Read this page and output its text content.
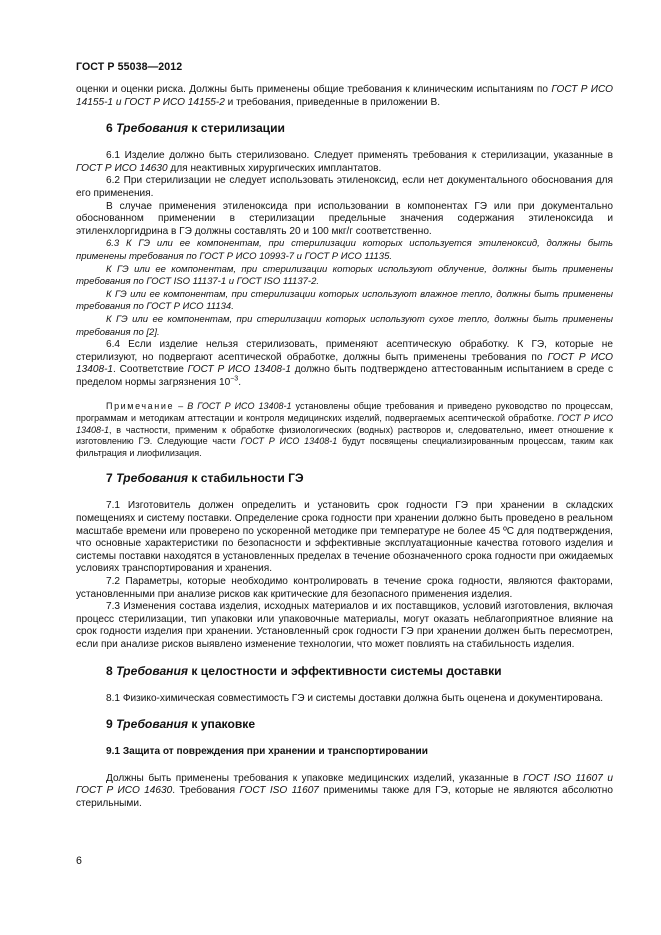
ГОСТ Р 55038—2012

оценки и оценки риска. Должны быть применены общие требования к клиническим испытаниям по ГОСТ Р ИСО 14155-1 и ГОСТ Р ИСО 14155-2 и требования, приведенные в приложении В.

6 Требования к стерилизации

6.1 Изделие должно быть стерилизовано. Следует применять требования к стерилизации, указанные в ГОСТ Р ИСО 14630 для неактивных хирургических имплантатов.

6.2 При стерилизации не следует использовать этиленоксид, если нет документального обоснования для его применения.

В случае применения этиленоксида при использовании в компонентах ГЭ или при документально обоснованном применении в стерилизации предельные значения содержания этиленоксида и этиленхлоргидрина в ГЭ должны составлять 20 и 100 мкг/г соответственно.

6.3 К ГЭ или ее компонентам, при стерилизации которых используется этиленоксид, должны быть применены требования по ГОСТ Р ИСО 10993-7 и ГОСТ Р ИСО 11135.

К ГЭ или ее компонентам, при стерилизации которых используют облучение, должны быть применены требования по ГОСТ ISO 11137-1 и ГОСТ ISO 11137-2.

К ГЭ или ее компонентам, при стерилизации которых используют влажное тепло, должны быть применены требования по ГОСТ Р ИСО 11134.

К ГЭ или ее компонентам, при стерилизации которых используют сухое тепло, должны быть применены требования по [2].

6.4 Если изделие нельзя стерилизовать, применяют асептическую обработку. К ГЭ, которые не стерилизуют, но подвергают асептической обработке, должны быть применены требования по ГОСТ Р ИСО 13408-1. Соответствие ГОСТ Р ИСО 13408-1 должно быть подтверждено аттестованным испытанием в среде с пределом нормы загрязнения $10^{-3}$.

Примечание – В ГОСТ Р ИСО 13408-1 установлены общие требования и приведено руководство по процессам, программам и методикам аттестации и контроля медицинских изделий, подвергаемых асептической обработке. ГОСТ Р ИСО 13408-1, в частности, применим к обработке физиологических (водных) растворов и, следовательно, имеет отношение к изготовлению ГЭ. Следующие части ГОСТ Р ИСО 13408-1 будут посвящены специализированным процессам, таким как фильтрация и лиофилизация.

7 Требования к стабильности ГЭ

7.1 Изготовитель должен определить и установить срок годности ГЭ при хранении в складских помещениях и систему поставки. Определение срока годности при хранении должно быть проведено в реальном масштабе времени или проверено по ускоренной методике при температуре не более 45 ºС для подтверждения, что основные характеристики по безопасности и эффективные эксплуатационные качества готового изделия и системы поставки находятся в установленных пределах в течение обозначенного срока годности при ожидаемых условиях транспортирования и хранения.

7.2 Параметры, которые необходимо контролировать в течение срока годности, являются факторами, установленными при анализе рисков как критические для безопасного применения изделия.

7.3 Изменения состава изделия, исходных материалов и их поставщиков, условий изготовления, включая процесс стерилизации, тип упаковки или упаковочные материалы, могут оказать неблагоприятное влияние на срок годности изделия при хранении. Установленный срок годности ГЭ при хранении должен быть пересмотрен, если при анализе рисков выявлено изменение технологии, что может повлиять на стабильность изделия.

8 Требования к целостности и эффективности системы доставки

8.1 Физико-химическая совместимость ГЭ и системы доставки должна быть оценена и документирована.

9 Требования к упаковке
9.1 Защита от повреждения при хранении и транспортировании

Должны быть применены требования к упаковке медицинских изделий, указанные в ГОСТ ISO 11607 и ГОСТ Р ИСО 14630. Требования ГОСТ ISO 11607 применимы также для ГЭ, которые не являются абсолютно стерильными.

6
